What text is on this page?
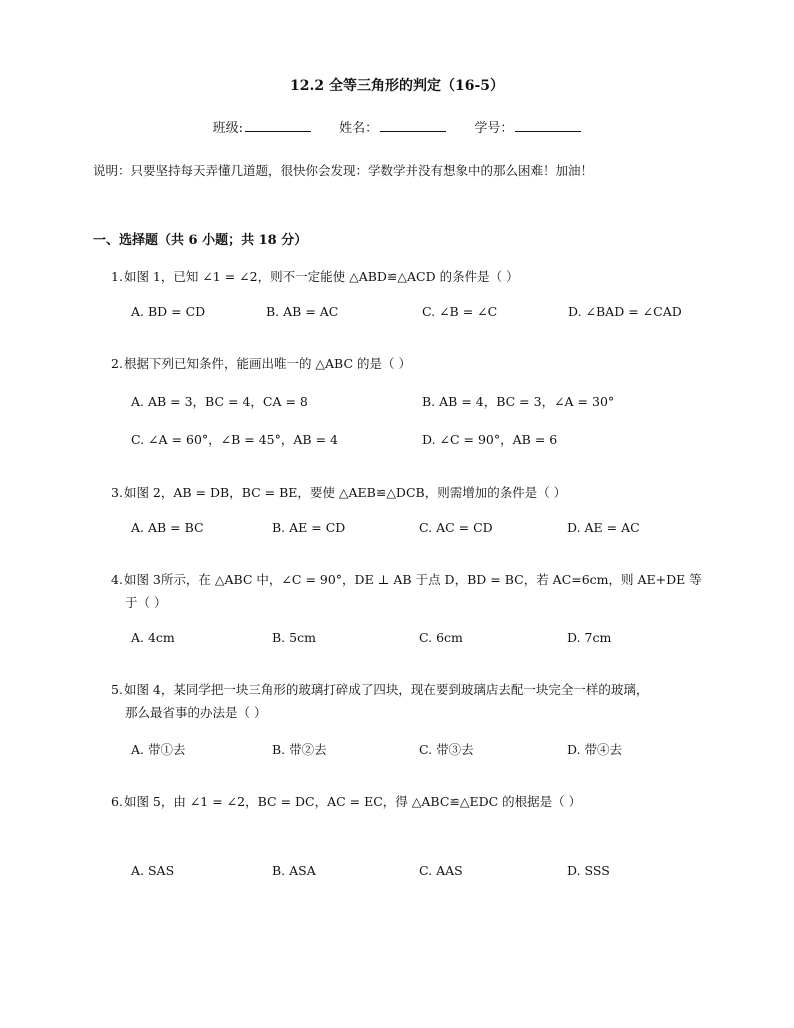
12.2 全等三角形的判定（16-5）
班级:	姓名：	学号：
说明：只要坚持每天弄懂几道题，很快你会发现：学数学并没有想象中的那么困难！加油！
一、选择题（共 6 小题；共 18 分）
1.如图 1，已知 ∠1 = ∠2，则不一定能使 △ABD≌△ACD 的条件是（ ）
A. BD = CD	B. AB = AC	C. ∠B = ∠C	D. ∠BAD = ∠CAD
2.根据下列已知条件，能画出唯一的 △ABC 的是（ ）
A. AB = 3，BC = 4，CA = 8	B. AB = 4，BC = 3，∠A = 30°
C. ∠A = 60°，∠B = 45°，AB = 4	D. ∠C = 90°，AB = 6
3.如图 2，AB = DB，BC = BE，要使 △AEB≌△DCB，则需增加的条件是（ ）
A. AB = BC	B. AE = CD	C. AC = CD	D. AE = AC
4.如图 3所示，在 △ABC 中，∠C = 90°，DE ⊥ AB 于点 D，BD = BC，若 AC=6cm，则 AE+DE 等
于（ ）
A. 4cm	B. 5cm	C. 6cm	D. 7cm
5.如图 4，某同学把一块三角形的玻璃打碎成了四块，现在要到玻璃店去配一块完全一样的玻璃，
那么最省事的办法是（ ）
A. 带①去	B. 带②去	C. 带③去	D. 带④去
6.如图 5，由 ∠1 = ∠2，BC = DC，AC = EC，得 △ABC≌△EDC 的根据是（ ）
A. SAS	B. ASA	C. AAS	D. SSS
